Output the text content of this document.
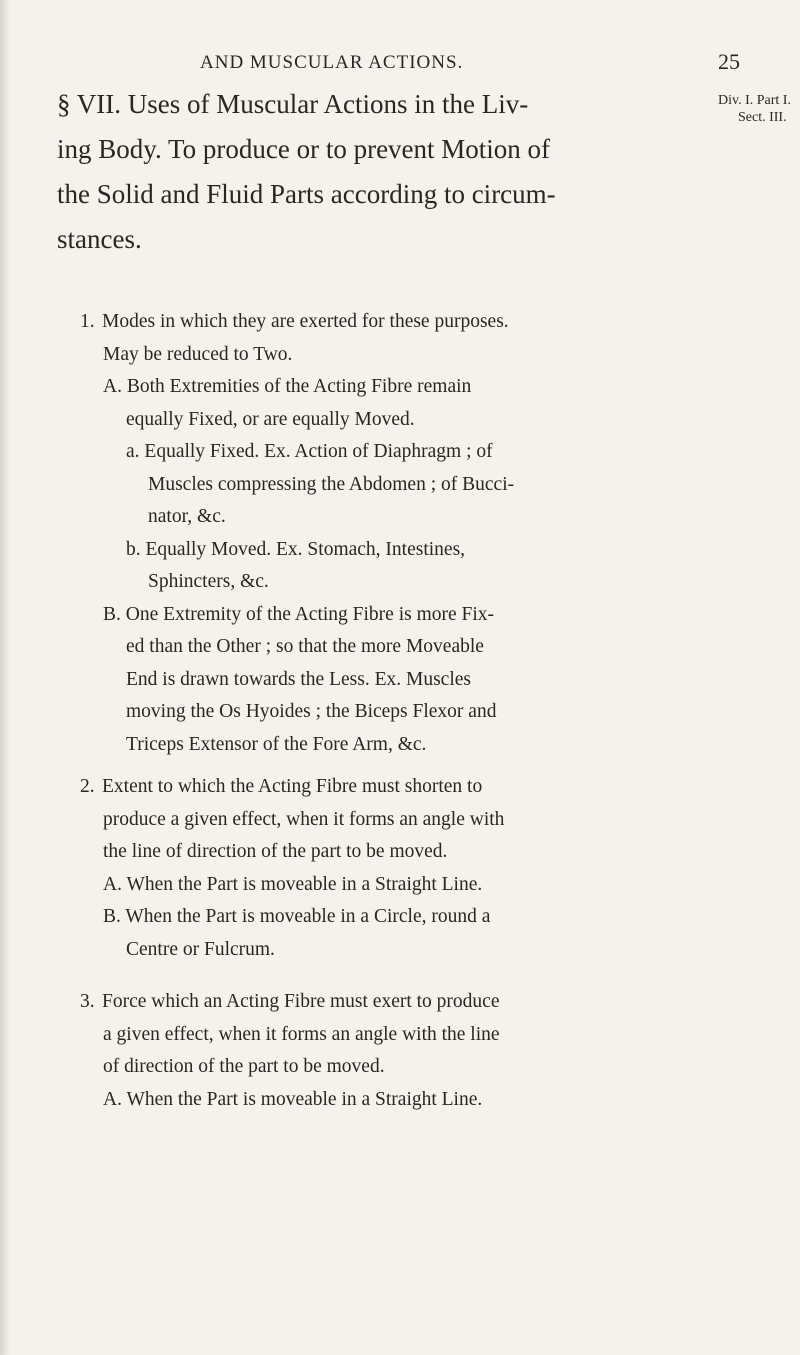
AND MUSCULAR ACTIONS.	25
Div. I. Part I.
Sect. III.
§ VII. Uses of Muscular Actions in the Liv-
ing Body. To produce or to prevent Motion of
the Solid and Fluid Parts according to circum-
stances.
1. Modes in which they are exerted for these purposes.
May be reduced to Two.
A. Both Extremities of the Acting Fibre remain
equally Fixed, or are equally Moved.
a. Equally Fixed. Ex. Action of Diaphragm ; of
Muscles compressing the Abdomen ; of Bucci-
nator, &c.
b. Equally Moved. Ex. Stomach, Intestines,
Sphincters, &c.
B. One Extremity of the Acting Fibre is more Fix-
ed than the Other ; so that the more Moveable
End is drawn towards the Less. Ex. Muscles
moving the Os Hyoides ; the Biceps Flexor and
Triceps Extensor of the Fore Arm, &c.
2. Extent to which the Acting Fibre must shorten to
produce a given effect, when it forms an angle with
the line of direction of the part to be moved.
A. When the Part is moveable in a Straight Line.
B. When the Part is moveable in a Circle, round a
Centre or Fulcrum.
3. Force which an Acting Fibre must exert to produce
a given effect, when it forms an angle with the line
of direction of the part to be moved.
A. When the Part is moveable in a Straight Line.
